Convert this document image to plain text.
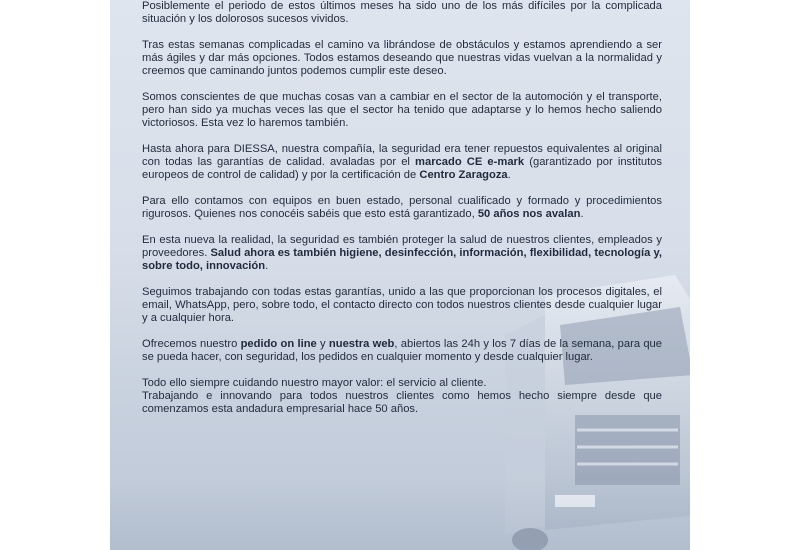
Posiblemente el periodo de estos últimos meses ha sido uno de los más difíciles por la complicada situación y los dolorosos sucesos vividos.

Tras estas semanas complicadas el camino va librándose de obstáculos y estamos aprendiendo a ser más ágiles y dar más opciones. Todos estamos deseando que nuestras vidas vuelvan a la normalidad y creemos que caminando juntos podemos cumplir este deseo.

Somos conscientes de que muchas cosas van a cambiar en el sector de la automoción y el transporte, pero han sido ya muchas veces las que el sector ha tenido que adaptarse y lo hemos hecho saliendo victoriosos. Esta vez lo haremos también.

Hasta ahora para DIESSA, nuestra compañía, la seguridad era tener repuestos equivalentes al original con todas las garantías de calidad. avaladas por el marcado CE e-mark (garantizado por institutos europeos de control de calidad) y por la certificación de Centro Zaragoza.

Para ello contamos con equipos en buen estado, personal cualificado y formado y procedimientos rigurosos. Quienes nos conocéis sabéis que esto está garantizado, 50 años nos avalan.

En esta nueva la realidad, la seguridad es también proteger la salud de nuestros clientes, empleados y proveedores. Salud ahora es también higiene, desinfección, información, flexibilidad, tecnología y, sobre todo, innovación.

Seguimos trabajando con todas estas garantías, unido a las que proporcionan los procesos digitales, el email, WhatsApp, pero, sobre todo, el contacto directo con todos nuestros clientes desde cualquier lugar y a cualquier hora.

Ofrecemos nuestro pedido on line y nuestra web, abiertos las 24h y los 7 días de la semana, para que se pueda hacer, con seguridad, los pedidos en cualquier momento y desde cualquier lugar.

Todo ello siempre cuidando nuestro mayor valor: el servicio al cliente.

Trabajando e innovando para todos nuestros clientes como hemos hecho siempre desde que comenzamos esta andadura empresarial hace 50 años.
